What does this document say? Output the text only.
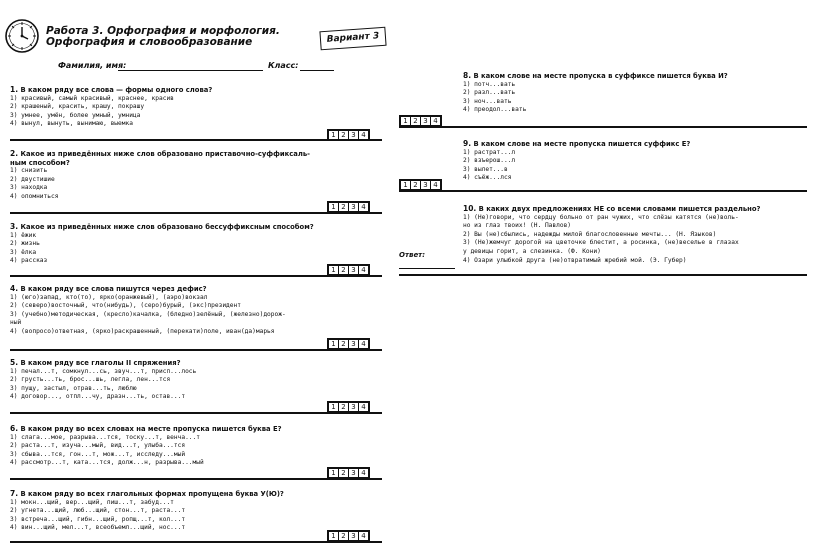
Работа 3. Орфография и морфология.
Орфография и словообразование	Вариант 3
Фамилия, имя:	Класс:
1. В каком ряду все слова — формы одного слова?
1) красивый, самый красивый, краснее, красив
2) крашеный, красить, крашу, покрашу
3) умнее, умён, более умный, умница
4) вынул, вынуть, вынимаю, выемка
1 2 3 4
2. Какое из приведённых ниже слов образовано приставочно-суффиксаль-
ным способом?
1) снизить
2) двустишие
3) находка
4) опомниться
1 2 3 4
3. Какое из приведённых ниже слов образовано бессуффиксным способом?
1) ёжик
2) жизнь
3) ёлка
4) рассказ
1 2 3 4
4. В каком ряду все слова пишутся через дефис?
1) (юго)запад, кто(то), ярко(оранжевый), (аэро)вокзал
2) (северо)восточный, что(нибудь), (серо)бурый, (экс)президент
3) (учебно)методическая, (кресло)качалка, (бледно)зелёный, (железно)дорож-
ный
4) (вопросо)ответная, (ярко)раскрашенный, (перекати)поле, иван(да)марья
1 2 3 4
5. В каком ряду все глаголы II спряжения?
1) печал...т, сомкнул...сь, звуч...т, присп...лось
2) грусть...ть, брос...шь, легла, лен...тся
3) пущу, застыл, отрав...ть, люблю
4) договор..., отпл...чу, дразн...ть, остав...т
1 2 3 4
6. В каком ряду во всех словах на месте пропуска пишется буква Е?
1) слага...мое, разрыва...тся, тоску...т, венча...т
2) раста...т, изуча...мый, вид...т, улыба...тся
3) сбыва...тся, гон...т, мож...т, исследу...мый
4) рассмотр...т, ката...тся, долж...н, разрыва...мый
1 2 3 4
7. В каком ряду во всех глагольных формах пропущена буква У(Ю)?
1) мокн...щий, вер...щий, пиш...т, забуд...т
2) угнета...щий, люб...щий, стон...т, раста...т
3) встреча...щий, гибн...щий, ропщ...т, кол...т
4) вин...щий, мел...т, всеобъемл...щий, нос...т
1 2 3 4
8. В каком слове на месте пропуска в суффиксе пишется буква И?
1) потч...вать
2) разл...вать
3) ноч...вать
4) преодол...вать
1 2 3 4
9. В каком слове на месте пропуска пишется суффикс Е?
1) растрат...л
2) взъерош...л
3) вылет...в
4) съёж...лся
1 2 3 4
10. В каких двух предложениях НЕ со всеми словами пишется раздельно?
1) (Не)говори, что сердцу больно от ран чужих, что слёзы катятся (не)воль-
но из глаз твоих! (Н. Павлов)
2) Вы (не)сбылись, надежды милой благословенные мечты... (Н. Языков)
3) (Не)жемчуг дорогой на цветочке блестит, а росинка, (не)веселье в глазах
у девицы горит, а слезинка. (Ф. Кони)
4) Озари улыбкой друга (не)отвратимый жребий мой. (Э. Губер)
Ответ:
